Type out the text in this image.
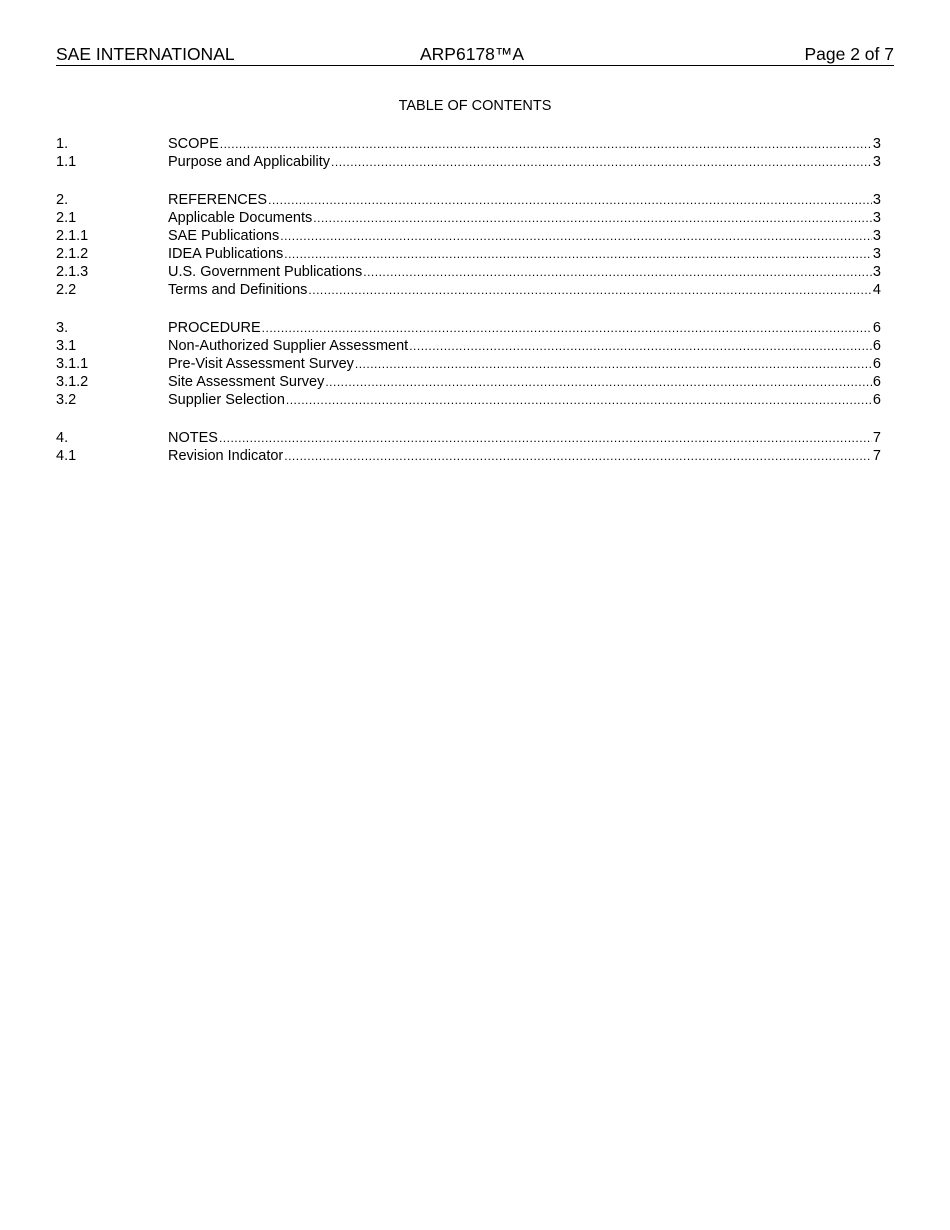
SAE INTERNATIONAL	ARP6178™A	Page 2 of 7
TABLE OF CONTENTS
1.	SCOPE .....	3
1.1	Purpose and Applicability .....	3
2.	REFERENCES .....	3
2.1	Applicable Documents .....	3
2.1.1	SAE Publications .....	3
2.1.2	IDEA Publications .....	3
2.1.3	U.S. Government Publications .....	3
2.2	Terms and Definitions .....	4
3.	PROCEDURE .....	6
3.1	Non-Authorized Supplier Assessment .....	6
3.1.1	Pre-Visit Assessment Survey .....	6
3.1.2	Site Assessment Survey .....	6
3.2	Supplier Selection .....	6
4.	NOTES .....	7
4.1	Revision Indicator .....	7
